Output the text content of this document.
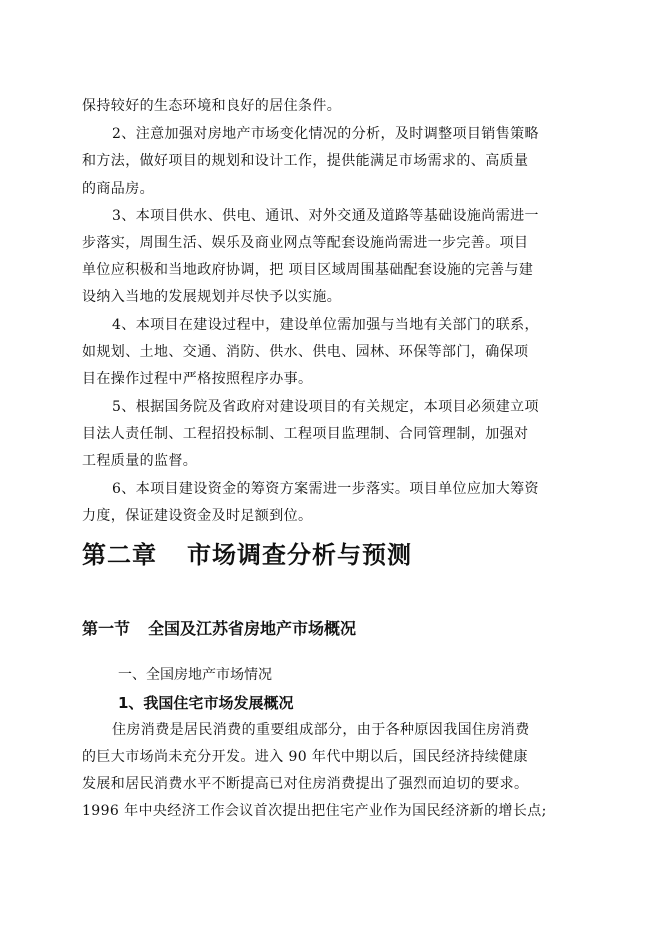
保持较好的生态环境和良好的居住条件。
2、注意加强对房地产市场变化情况的分析，及时调整项目销售策略
和方法，做好项目的规划和设计工作，提供能满足市场需求的、高质量
的商品房。
3、本项目供水、供电、通讯、对外交通及道路等基础设施尚需进一
步落实，周围生活、娱乐及商业网点等配套设施尚需进一步完善。项目
单位应积极和当地政府协调，把 项目区域周围基础配套设施的完善与建
设纳入当地的发展规划并尽快予以实施。
4、本项目在建设过程中，建设单位需加强与当地有关部门的联系，
如规划、土地、交通、消防、供水、供电、园林、环保等部门，确保项
目在操作过程中严格按照程序办事。
5、根据国务院及省政府对建设项目的有关规定，本项目必须建立项
目法人责任制、工程招投标制、工程项目监理制、合同管理制，加强对
工程质量的监督。
6、本项目建设资金的筹资方案需进一步落实。项目单位应加大筹资
力度，保证建设资金及时足额到位。
第二章 市场调查分析与预测
第一节 全国及江苏省房地产市场概况
一、全国房地产市场情况
1、我国住宅市场发展概况
住房消费是居民消费的重要组成部分，由于各种原因我国住房消费
的巨大市场尚未充分开发。进入 90 年代中期以后，国民经济持续健康
发展和居民消费水平不断提高已对住房消费提出了强烈而迫切的要求。
1996 年中央经济工作会议首次提出把住宅产业作为国民经济新的增长点;
